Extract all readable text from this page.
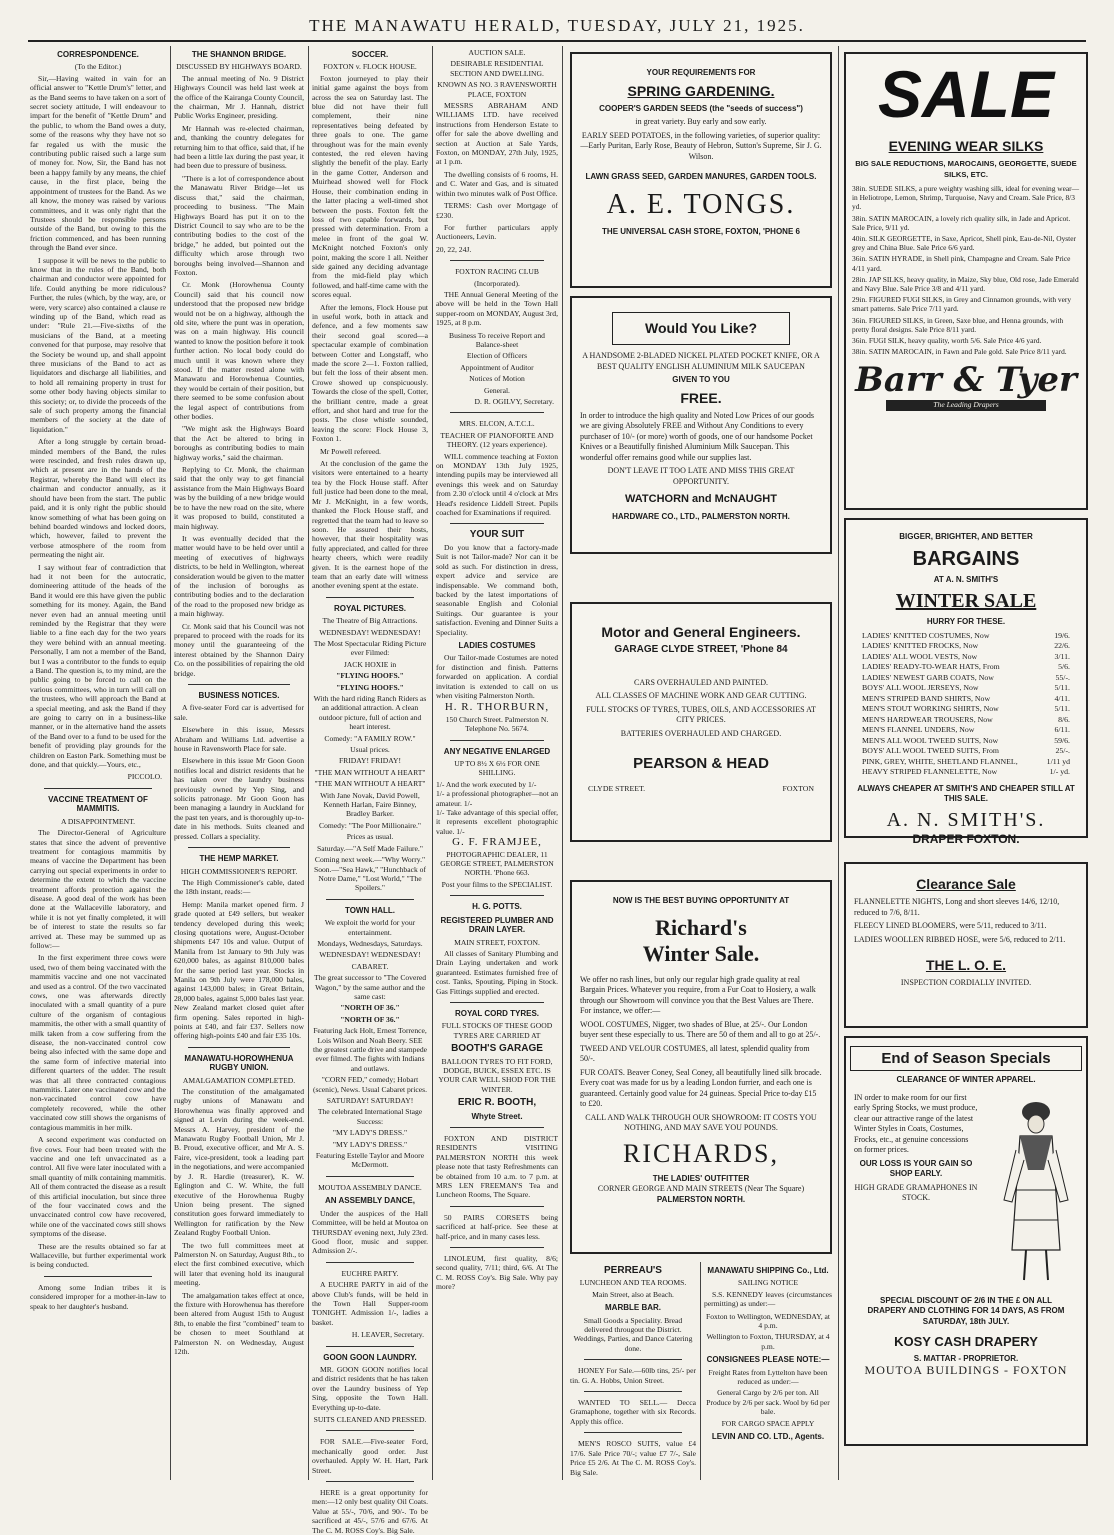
THE MANAWATU HERALD, TUESDAY, JULY 21, 1925.
CORRESPONDENCE.
(To the Editor.)

Sir,—Having waited in vain for an official answer to "Kettle Drum's" letter, and as the Band seems to have taken on a sort of secret society attitude, I will endeavour to impart for the benefit of "Kettle Drum" and the public, to whom the Band owes a duty, some of the reasons why they have not so far regaled us with the music the contributing public raised such a large sum of money for. Now, Sir, the Band has not been a happy family by any means, the chief cause, in the first place, being the appointment of trustees for the Band. As we all know, the money was raised by various committees, and it was only right that the Trustees should be responsible persons outside of the Band, but owing to this the friction commenced, and has been running through the Band ever since.

I suppose it will be news to the public to know that in the rules of the Band, both chairman and conductor were appointed for life. Could anything be more ridiculous? Further, the rules (which, by the way, are, or were, very scarce) also contained a clause re winding up of the Band, which read as under: "Rule 21.—Five-sixths of the musicians of the Band, at a meeting convened for that purpose, may resolve that the Society be wound up, and shall appoint three musicians of the Band to act as liquidators and discharge all liabilities, and to hold all remaining property in trust for some other body having objects similar to this society; or, to divide the proceeds of the sale of such property among the financial members of the society at the date of liquidation."

After a long struggle by certain broad-minded members of the Band, the rules were rescinded, and fresh rules drawn up, which at present are in the hands of the Registrar, whereby the Band will elect its chairman and conductor annually, as it should have been from the start. The public paid, and it is only right the public should know something of what has been going on behind boarded windows and locked doors, which, however, failed to prevent the verbose atmosphere of the room from permeating the night air.

I say without fear of contradiction that had it not been for the autocratic, domineering attitude of the heads of the Band it would ere this have given the public something for its money. Again, the Band never even had an annual meeting until reminded by the Registrar that they were liable to a fine each day for the two years they were behind with an annual meeting. Personally, I am not a member of the Band, but I was a contributor to the funds to equip a Band. The question is, to my mind, are the public going to be forced to call on the various committees, who in turn will call on the trustees, who will approach the Band at a special meeting, and ask the Band if they are going to carry on in a business-like manner, or in the alternative hand the assets of the Band over to a fund to be used for the benefit of providing play grounds for the children on Easton Park. Something must be done, and that quickly.—Yours, etc.,

PICCOLO.
VACCINE TREATMENT OF MAMMITIS.
A DISAPPOINTMENT.

The Director-General of Agriculture states that since the advent of preventive treatment for contagious mammitis by means of vaccine the Department has been carrying out special experiments in order to determine the extent to which the vaccine treatment affords protection against the disease. A good deal of the work has been done at the Wallaceville laboratory, and while it is not yet finally completed, it will be of interest to state the results so far arrived at. These may be summed up as follow:—

In the first experiment three cows were used, two of them being vaccinated with the mammitis vaccine and one not vaccinated and used as a control. Of the two vaccinated cows, one was afterwards directly inoculated with a small quantity of a pure culture of the organism of contagious mammitis, the other with a small quantity of milk taken from a cow suffering from the disease, the non-vaccinated control cow being also infected with the same dope and the same form of infective material into different quarters of the udder. The result was that all three contracted contagious mammitis. Later one vaccinated cow and the non-vaccinated control cow have completely recovered, while the other vaccinated cow still shows the organisms of contagious mammitis in her milk.

A second experiment was conducted on five cows. Four had been treated with the vaccine and one left unvaccinated as a control. All five were later inoculated with a small quantity of milk containing mammitis. All of them contracted the disease as a result of this artificial inoculation, but since three of the four vaccinated cows and the unvaccinated control cow have recovered, while one of the vaccinated cows still shows symptoms of the disease.

These are the results obtained so far at Wallaceville, but further experimental work is being conducted.

Among some Indian tribes it is considered improper for a mother-in-law to speak to her daughter's husband.

THE SHANNON BRIDGE.
DISCUSSED BY HIGHWAYS BOARD.

The annual meeting of No. 9 District Highways Council was held last week at the office of the Kairanga County Council, the chairman, Mr J. Hannah, district Public Works Engineer, presiding.

Mr Hannah was re-elected chairman, and, thanking the country delegates for returning him to that office, said that, if he had been a little lax during the past year, it had been due to pressure of business.

"There is a lot of correspondence about the Manawatu River Bridge—let us discuss that," said the chairman, proceeding to business. "The Main Highways Board has put it on to the District Council to say who are to be the contributing bodies to the cost of the bridge," he added, but pointed out the difficulty which arose through two boroughs being involved—Shannon and Foxton.

Cr. Monk (Horowhenua County Council) said that his council now understood that the proposed new bridge would not be on a highway, although the old site, where the punt was in operation, was on a main highway. His council wanted to know the position before it took further action. No local body could do much until it was known where they stood. If the matter rested alone with Manawatu and Horowhenua Counties, they would be certain of their position, but there seemed to be some confusion about the legal aspect of contributions from other bodies.

"We might ask the Highways Board that the Act be altered to bring in boroughs as contributing bodies to main highway works," said the chairman.

Replying to Cr. Monk, the chairman said that the only way to get financial assistance from the Main Highways Board was by the building of a new bridge would be to have the new road on the site, where it was proposed to build, constituted a main highway.

It was eventually decided that the matter would have to be held over until a meeting of executives of highways districts, to be held in Wellington, whereat consideration would be given to the matter of the inclusion of boroughs as contributing bodies and to the declaration of the road to the proposed new bridge as a main highway.

Cr. Monk said that his Council was not prepared to proceed with the roads for its money until the guaranteeing of the interest obtained by the Shannon Dairy Co. on the possibilities of repairing the old bridge.

BUSINESS NOTICES.

A five-seater Ford car is advertised for sale.

Elsewhere in this issue, Messrs Abraham and Williams Ltd. advertise a house in Ravensworth Place for sale.

Elsewhere in this issue Mr Goon Goon notifies local and district residents that he has taken over the laundry business previously owned by Yep Sing, and solicits patronage. Mr Goon Goon has been managing a laundry in Auckland for the past ten years, and is thoroughly up-to-date in his methods. Suits cleaned and pressed. Collars a speciality.

THE HEMP MARKET.
HIGH COMMISSIONER'S REPORT.

The High Commissioner's cable, dated the 18th instant, reads:—

Hemp: Manila market opened firm. J grade quoted at £49 sellers, but weaker tendency developed during this week; closing quotations were, August-October shipments £47 10s and value. Output of Manila from 1st January to 9th July was 620,000 bales, as against 810,000 bales for the same period last year. Stocks in Manila on 9th July were 178,000 bales, against 143,000 bales; in Great Britain, 28,000 bales, against 5,000 bales last year. New Zealand market closed quiet after firm opening. Sales reported in high-points at £40, and fair £37. Sellers now offering high-points £40 and fair £35 10s.

MANAWATU-HOROWHENUA RUGBY UNION.
AMALGAMATION COMPLETED.

The constitution of the amalgamated rugby unions of Manawatu and Horowhenua was finally approved and signed at Levin during the week-end. Messrs A. Harvey, president of the Manawatu Rugby Football Union, Mr J. B. Proud, executive officer, and Mr A. S. Faire, vice-president, took a leading part in the negotiations, and were accompanied by J. R. Hardie (treasurer), K. W. Eglington and C. W. White, the full executive of the Horowhenua Rugby Union being present. The signed constitution goes forward immediately to Wellington for ratification by the New Zealand Rugby Football Union.

The two full committees meet at Palmerston N. on Saturday, August 8th., to elect the first combined executive, which will later that evening hold its inaugural meeting.

The amalgamation takes effect at once, the fixture with Horowhenua has therefore been altered from August 15th to August 8th, to enable the first "combined" team to be chosen to meet Southland at Palmerston N. on Wednesday, August 12th.

SOCCER.
FOXTON v. FLOCK HOUSE.

Foxton journeyed to play their initial game against the boys from across the sea on Saturday last. The blue did not have their full complement, their nine representatives being defeated by three goals to one. The game throughout was for the main evenly contested, the red eleven having slightly the benefit of the play. Early in the game Cotter, Anderson and Muirhead showed well for Flock House, their combination ending in the latter placing a well-timed shot between the posts. Foxton felt the loss of two capable forwards, but pressed with determination. From a melee in front of the goal W. McKnight notched Foxton's only point, making the score 1 all. Neither side gained any deciding advantage from the mid-field play which followed, and half-time came with the scores equal.

After the lemons, Flock House put in useful work, both in attack and defence, and a few moments saw their second goal scored—a spectacular example of combination between Cotter and Longstaff, who made the score 2—1. Foxton rallied, but felt the loss of their absent men. Crowe showed up conspicuously. Towards the close of the spell, Cotter, the brilliant centre, made a great effort, and shot hard and true for the posts. The close whistle sounded, leaving the score: Flock House 3, Foxton 1.

Mr Powell refereed.

At the conclusion of the game the visitors were entertained to a hearty tea by the Flock House staff. After full justice had been done to the meal, Mr J. McKnight, in a few words, thanked the Flock House staff, and regretted that the team had to leave so soon. He assured their hosts, however, that their hospitality was fully appreciated, and called for three hearty cheers, which were readily given. It is the earnest hope of the team that an early date will witness another evening spent at the estate.

ROYAL PICTURES.
The Theatre of Big Attractions.
WEDNESDAY! WEDNESDAY!
The Most Spectacular Riding Picture ever Filmed:
JACK HOXIE in
"FLYING HOOFS."
"FLYING HOOFS."
With the hard riding Ranch Riders as an additional attraction. A clean outdoor picture, full of action and heart interest.
Comedy: "A FAMILY ROW."
Usual prices.
FRIDAY! FRIDAY!
"THE MAN WITHOUT A HEART"
"THE MAN WITHOUT A HEART"
With Jane Novak, David Powell, Kenneth Harlan, Faire Binney, Bradley Barker.
Comedy: "The Poor Millionaire."
Prices as usual.
Saturday.—"A Self Made Failure."
Coming next week.—"Why Worry." Soon.—"Sea Hawk," "Hunchback of Notre Dame," "Lost World," "The Spoilers."
TOWN HALL.
We exploit the world for your entertainment.
Mondays, Wednesdays, Saturdays.
WEDNESDAY! WEDNESDAY!
CABARET.
The great successor to "The Covered Wagon," by the same author and the same cast:
"NORTH OF 36."
"NORTH OF 36."
Featuring Jack Holt, Ernest Torrence, Lois Wilson and Noah Beery. SEE the greatest cattle drive and stampede ever filmed. The fights with Indians and outlaws.
"CORN FED," comedy; Hobart (scenic), News. Usual Cabaret prices.
SATURDAY! SATURDAY!
The celebrated International Stage Success:
"MY LADY'S DRESS."
"MY LADY'S DRESS."
Featuring Estelle Taylor and Moore McDermott.
MOUTOA ASSEMBLY DANCE.
AN ASSEMBLY DANCE,

Under the auspices of the Hall Committee, will be held at Moutoa on THURSDAY evening next, July 23rd. Good floor, music and supper. Admission 2/-.

EUCHRE PARTY.

A EUCHRE PARTY in aid of the above Club's funds, will be held in the Town Hall Supper-room TONIGHT. Admission 1/-, ladies a basket.

H. LEAVER, Secretary.
GOON GOON LAUNDRY.

MR. GOON GOON notifies local and district residents that he has taken over the Laundry business of Yep Sing, opposite the Town Hall. Everything up-to-date.

SUITS CLEANED AND PRESSED.

FOR SALE.—Five-seater Ford, mechanically good order. Just overhauled. Apply W. H. Hart, Park Street.

HERE is a great opportunity for men:—12 only best quality Oil Coats. Value at 55/-, 70/6, and 90/-. To be sacrificed at 45/-, 57/6 and 67/6. At The C. M. ROSS Coy's. Big Sale.

AUCTION SALE.
DESIRABLE RESIDENTIAL SECTION AND DWELLING.
KNOWN AS NO. 3 RAVENSWORTH PLACE, FOXTON

MESSRS ABRAHAM AND WILLIAMS LTD. have received instructions from Henderson Estate to offer for sale the above dwelling and section at Auction at Sale Yards, Foxton, on MONDAY, 27th July, 1925, at 1 p.m.

The dwelling consists of 6 rooms, H. and C. Water and Gas, and is situated within two minutes walk of Post Office.

TERMS: Cash over Mortgage of £230.

For further particulars apply Auctioneers, Levin.

20, 22, 24J.
FOXTON RACING CLUB
(Incorporated).

THE Annual General Meeting of the above will be held in the Town Hall supper-room on MONDAY, August 3rd, 1925, at 8 p.m.

Business To receive Report and Balance-sheet
Election of Officers
Appointment of Auditor
Notices of Motion
General.
D. R. OGILVY, Secretary.
MRS. ELCON, A.T.C.L.
TEACHER OF PIANOFORTE AND THEORY. (12 years experience).

WILL commence teaching at Foxton on MONDAY 13th July 1925, intending pupils may be interviewed all evenings this week and on Saturday from 2.30 o'clock until 4 o'clock at Mrs Head's residence Liddell Street. Pupils coached for Examinations if required.

YOUR SUIT

Do you know that a factory-made Suit is not Tailor-made? Nor can it be sold as such. For distinction in dress, expert advice and service are indispensable. We command both, backed by the latest importations of seasonable English and Colonial Suitings. Our guarantee is your satisfaction. Evening and Dinner Suits a Speciality.

LADIES COSTUMES

Our Tailor-made Costumes are noted for distinction and finish. Patterns forwarded on application. A cordial invitation is extended to call on us when visiting Palmerston North.

H. R. THORBURN,
150 Church Street. Palmerston N. Telephone No. 5674.
ANY NEGATIVE ENLARGED
UP TO 8½ X 6½ FOR ONE SHILLING.
1/- And the work executed by 1/-
1/- a professional photographer—not an amateur. 1/-
1/- Take advantage of this special offer, it represents excellent photographic value. 1/-
G. F. FRAMJEE,
PHOTOGRAPHIC DEALER, 11 GEORGE STREET, PALMERSTON NORTH. 'Phone 663.
Post your films to the SPECIALIST.
H. G. POTTS.
REGISTERED PLUMBER AND DRAIN LAYER.
MAIN STREET, FOXTON.

All classes of Sanitary Plumbing and Drain Laying undertaken and work guaranteed. Estimates furnished free of cost. Tanks, Spouting, Piping in Stock. Gas Fittings supplied and erected.

ROYAL CORD TYRES.
FULL STOCKS OF THESE GOOD TYRES ARE CARRIED AT
BOOTH'S GARAGE
BALLOON TYRES TO FIT FORD, DODGE, BUICK, ESSEX ETC. IS YOUR CAR WELL SHOD FOR THE WINTER.
ERIC R. BOOTH,
Whyte Street.

FOXTON AND DISTRICT RESIDENTS VISITING PALMERSTON NORTH this week please note that tasty Refreshments can be obtained from 10 a.m. to 7 p.m. at MRS LEN FREEMAN'S Tea and Luncheon Rooms, The Square.

50 PAIRS CORSETS being sacrificed at half-price. See these at half-price, and in many cases less.

LINOLEUM, first quality, 8/6; second quality, 7/11; third, 6/6. At The C. M. ROSS Coy's. Big Sale. Why pay more?

YOUR REQUIREMENTS FOR
SPRING GARDENING.

COOPER'S GARDEN SEEDS (the "seeds of success")

in great variety. Buy early and sow early.

EARLY SEED POTATOES, in the following varieties, of superior quality:—Early Puritan, Early Rose, Beauty of Hebron, Sutton's Supreme, Sir J. G. Wilson.

LAWN GRASS SEED, GARDEN MANURES, GARDEN TOOLS.

A. E. TONGS.
THE UNIVERSAL CASH STORE, FOXTON, 'PHONE 6
Would You Like?

A HANDSOME 2-BLADED NICKEL PLATED POCKET KNIFE, OR A BEST QUALITY ENGLISH ALUMINIUM MILK SAUCEPAN

GIVEN TO YOU
FREE.

In order to introduce the high quality and Noted Low Prices of our goods we are giving Absolutely FREE and Without Any Conditions to every purchaser of 10/- (or more) worth of goods, one of our handsome Pocket Knives or a Beautifully finished Aluminium Milk Saucepan. This wonderful offer remains good while our supplies last.

DON'T LEAVE IT TOO LATE AND MISS THIS GREAT OPPORTUNITY.

WATCHORN and McNAUGHT
HARDWARE CO., LTD., PALMERSTON NORTH.
Motor and General Engineers.
GARAGE CLYDE STREET, 'Phone 84

CARS OVERHAULED AND PAINTED.

ALL CLASSES OF MACHINE WORK AND GEAR CUTTING.

FULL STOCKS OF TYRES, TUBES, OILS, AND ACCESSORIES AT CITY PRICES.

BATTERIES OVERHAULED AND CHARGED.

PEARSON & HEAD
CLYDE STREET.	FOXTON
NOW IS THE BEST BUYING OPPORTUNITY AT
Richard's Winter Sale.

We offer no rash lines, but only our regular high grade quality at real Bargain Prices. Whatever you require, from a Fur Coat to Hosiery, a walk through our Showroom will convince you that the Best Values are There. For instance, we offer:—

WOOL COSTUMES, Nigger, two shades of Blue, at 25/-. Our London buyer sent these especially to us. There are 50 of them and all to go at 25/-.

TWEED AND VELOUR COSTUMES, all latest, splendid quality from 50/-.

FUR COATS. Beaver Coney, Seal Coney, all beautifully lined silk brocade. Every coat was made for us by a leading London furrier, and each one is guaranteed. Certainly good value for 24 guineas. Special Price to-day £15 to £20.

CALL AND WALK THROUGH OUR SHOWROOM: IT COSTS YOU NOTHING, AND MAY SAVE YOU POUNDS.

RICHARDS,
THE LADIES' OUTFITTER
CORNER GEORGE AND MAIN STREETS (Near The Square)
PALMERSTON NORTH.
PERREAU'S
LUNCHEON AND TEA ROOMS.
Main Street, also at Beach.
MARBLE BAR.
Small Goods a Speciality. Bread delivered througout the District. Weddings, Parties, and Dance Catering done.

HONEY For Sale.—60lb tins, 25/- per tin. G. A. Hobbs, Union Street.

WANTED TO SELL.— Decca Gramaphone, together with six Records. Apply this office.

MEN'S ROSCO SUITS, value £4 17/6. Sale Price 70/-; value £7 7/-, Sale Price £5 2/6. At The C. M. ROSS Coy's. Big Sale.

MANAWATU SHIPPING Co., Ltd.
SAILING NOTICE

S.S. KENNEDY leaves (circumstances permitting) as under:—

Foxton to Wellington, WEDNESDAY, at 4 p.m.
Wellington to Foxton, THURSDAY, at 4 p.m.
CONSIGNEES PLEASE NOTE:—
Freight Rates from Lyttelton have been reduced as under:—
General Cargo by 2/6 per ton. All Produce by 2/6 per sack. Wool by 6d per bale.
FOR CARGO SPACE APPLY
LEVIN AND CO. LTD., Agents.
SALE
EVENING WEAR SILKS
BIG SALE REDUCTIONS, MAROCAINS, GEORGETTE, SUEDE SILKS, ETC.

38in. SUEDE SILKS, a pure weighty washing silk, ideal for evening wear—in Heliotrope, Lemon, Shrimp, Turquoise, Navy and Cream. Sale Price, 8/3 yd.

38in. SATIN MAROCAIN, a lovely rich quality silk, in Jade and Apricot. Sale Price, 9/11 yd.

40in. SILK GEORGETTE, in Saxe, Apricot, Shell pink, Eau-de-Nil, Oyster grey and China Blue. Sale Price 6/6 yard.

36in. SATIN HYRADE, in Shell pink, Champagne and Cream. Sale Price 4/11 yard.

28in. JAP SILKS, heavy quality, in Maize, Sky blue, Old rose, Jade Emerald and Navy Blue. Sale Price 3/8 and 4/11 yard.

29in. FIGURED FUGI SILKS, in Grey and Cinnamon grounds, with very smart patterns. Sale Price 7/11 yard.

36in. FIGURED SILKS, in Green, Saxe blue, and Henna grounds, with pretty floral designs. Sale Price 8/11 yard.

36in. FUGI SILK, heavy quality, worth 5/6. Sale Price 4/6 yard.

38in. SATIN MAROCAIN, in Fawn and Pale gold. Sale Price 8/11 yard.

Barr & Tyer
The Leading Drapers
BIGGER, BRIGHTER, AND BETTER
BARGAINS
AT A. N. SMITH'S
WINTER SALE
HURRY FOR THESE.
LADIES' KNITTED COSTUMES, Now	19/6.
LADIES' KNITTED FROCKS, Now	22/6.
LADIES' ALL WOOL VESTS, Now	3/11.
LADIES' READY-TO-WEAR HATS, From	5/6.
LADIES' NEWEST GARB COATS, Now	55/-.
BOYS' ALL WOOL JERSEYS, Now	5/11.
MEN'S STRIPED BAND SHIRTS, Now	4/11.
MEN'S STOUT WORKING SHIRTS, Now	5/11.
MEN'S HARDWEAR TROUSERS, Now	8/6.
MEN'S FLANNEL UNDERS, Now	6/11.
MEN'S ALL WOOL TWEED SUITS, Now	59/6.
BOYS' ALL WOOL TWEED SUITS, From	25/-.
PINK, GREY, WHITE, SHETLAND FLANNEL,	1/11 yd
HEAVY STRIPED FLANNELETTE, Now	1/- yd.

ALWAYS CHEAPER AT SMITH'S AND CHEAPER STILL AT THIS SALE.

A. N. SMITH'S.
DRAPER FOXTON.
Clearance Sale

FLANNELETTE NIGHTS, Long and short sleeves 14/6, 12/10, reduced to 7/6, 8/11.

FLEECY LINED BLOOMERS, were 5/11, reduced to 3/11.

LADIES WOOLLEN RIBBED HOSE, were 5/6, reduced to 2/11.

THE L. O. E.
INSPECTION CORDIALLY INVITED.
End of Season Specials
CLEARANCE OF WINTER APPAREL.

IN order to make room for our first early Spring Stocks, we must produce, clear our attractive range of the latest Winter Styles in Coats, Costumes, Frocks, etc., at genuine concessions on former prices.

OUR LOSS IS YOUR GAIN SO SHOP EARLY.

HIGH GRADE GRAMAPHONES IN STOCK.

SPECIAL DISCOUNT OF 2/6 IN THE £ ON ALL DRAPERY AND CLOTHING FOR 14 DAYS, AS FROM SATURDAY, 18th JULY.

KOSY CASH DRAPERY
S. MATTAR - PROPRIETOR.
MOUTOA BUILDINGS - FOXTON
